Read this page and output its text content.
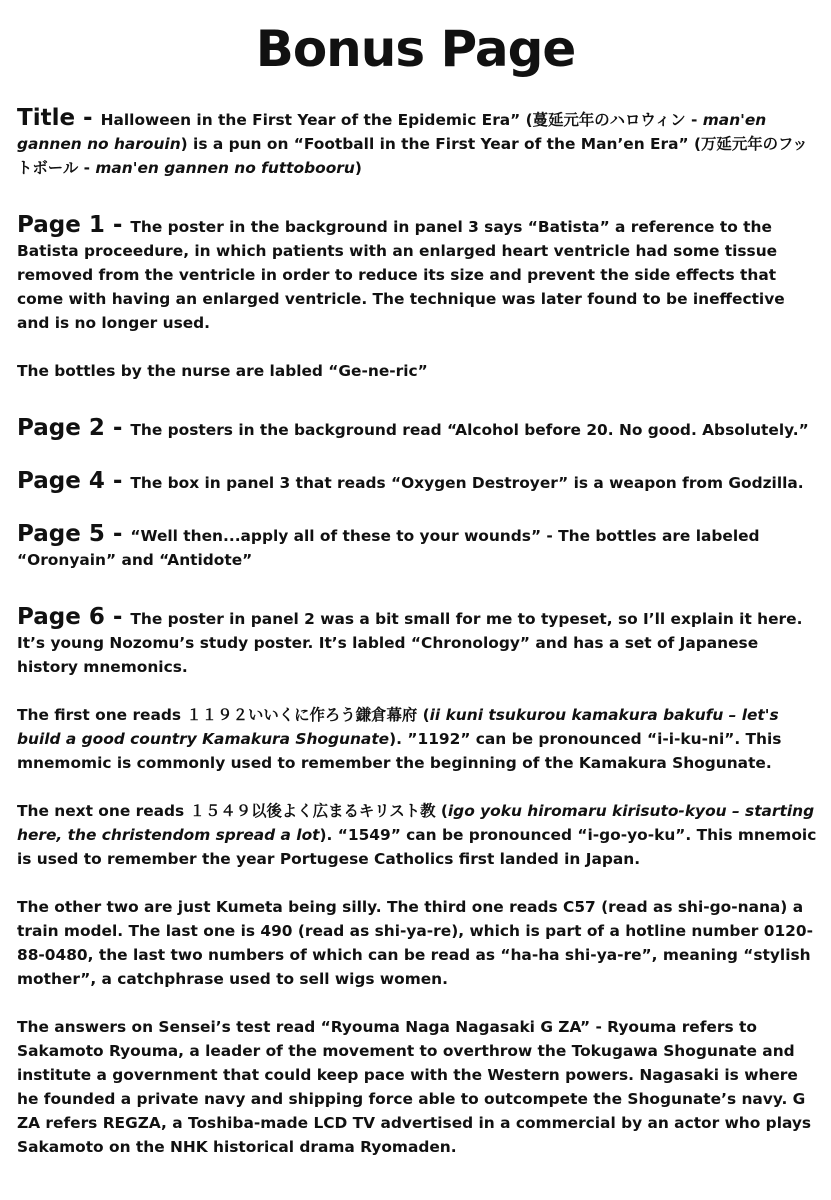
Bonus Page

Title - Halloween in the First Year of the Epidemic Era” (蔓延元年のハロウィン - man'en gannen no harouin) is a pun on “Football in the First Year of the Man’en Era” (万延元年のフットボール - man'en gannen no futtobooru)

Page 1 - The poster in the background in panel 3 says “Batista” a reference to the Batista proceedure, in which patients with an enlarged heart ventricle had some tissue removed from the ventricle in order to reduce its size and prevent the side effects that come with having an enlarged ventricle. The technique was later found to be ineffective and is no longer used.

The bottles by the nurse are labled “Ge-ne-ric”

Page 2 - The posters in the background read “Alcohol before 20. No good. Absolutely.”

Page 4 - The box in panel 3 that reads “Oxygen Destroyer” is a weapon from Godzilla.

Page 5 - “Well then...apply all of these to your wounds” - The bottles are labeled “Oronyain” and “Antidote”

Page 6 - The poster in panel 2 was a bit small for me to typeset, so I’ll explain it here. It’s young Nozomu’s study poster. It’s labled “Chronology” and has a set of Japanese history mnemonics.

The first one reads １１９２いいくに作ろう鎌倉幕府 (ii kuni tsukurou kamakura bakufu – let's build a good country Kamakura Shogunate). ”1192” can be pronounced “i-i-ku-ni”. This mnemomic is commonly used to remember the beginning of the Kamakura Shogunate.

The next one reads １５４９以後よく広まるキリスト教 (igo yoku hiromaru kirisuto-kyou – starting here, the christendom spread a lot). “1549” can be pronounced “i-go-yo-ku”. This mnemoic is used to remember the year Portugese Catholics first landed in Japan.

The other two are just Kumeta being silly. The third one reads C57 (read as shi-go-nana) a train model. The last one is 490 (read as shi-ya-re), which is part of a hotline number 0120-88-0480, the last two numbers of which can be read as “ha-ha shi-ya-re”, meaning “stylish mother”, a catchphrase used to sell wigs women.

The answers on Sensei’s test read “Ryouma Naga Nagasaki G ZA” - Ryouma refers to Sakamoto Ryouma, a leader of the movement to overthrow the Tokugawa Shogunate and institute a government that could keep pace with the Western powers. Nagasaki is where he founded a private navy and shipping force able to outcompete the Shogunate’s navy. G ZA refers REGZA, a Toshiba-made LCD TV advertised in a commercial by an actor who plays Sakamoto on the NHK historical drama Ryomaden.
